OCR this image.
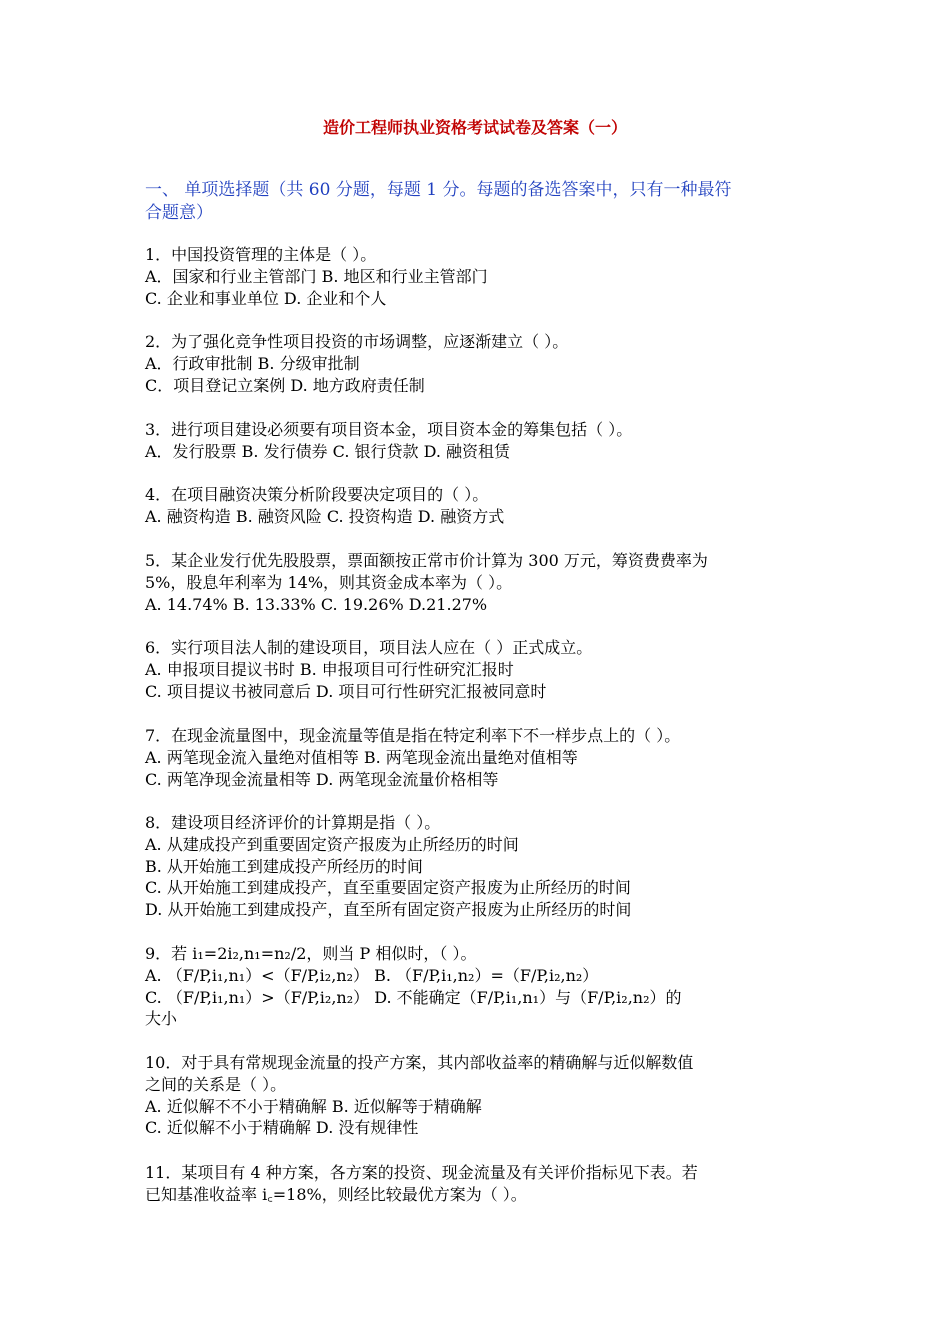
造价工程师执业资格考试试卷及答案（一）
一、 单项选择题（共 60 分题，每题 1 分。每题的备选答案中，只有一种最符
合题意）
1．中国投资管理的主体是（ ）。
A．国家和行业主管部门 B. 地区和行业主管部门
C. 企业和事业单位 D. 企业和个人
2．为了强化竞争性项目投资的市场调整，应逐渐建立（ ）。
A．行政审批制 B. 分级审批制
C．项目登记立案例 D. 地方政府责任制
3．进行项目建设必须要有项目资本金，项目资本金的筹集包括（ ）。
A．发行股票 B. 发行债券 C. 银行贷款 D. 融资租赁
4．在项目融资决策分析阶段要决定项目的（ ）。
A. 融资构造 B. 融资风险 C. 投资构造 D. 融资方式
5．某企业发行优先股股票，票面额按正常市价计算为 300 万元，筹资费费率为
5%，股息年利率为 14%，则其资金成本率为（ ）。
A. 14.74% B. 13.33% C. 19.26% D.21.27%
6．实行项目法人制的建设项目，项目法人应在（ ）正式成立。
A. 申报项目提议书时 B. 申报项目可行性研究汇报时
C. 项目提议书被同意后 D. 项目可行性研究汇报被同意时
7．在现金流量图中，现金流量等值是指在特定利率下不一样步点上的（ ）。
A. 两笔现金流入量绝对值相等 B. 两笔现金流出量绝对值相等
C. 两笔净现金流量相等 D. 两笔现金流量价格相等
8．建设项目经济评价的计算期是指（ ）。
A. 从建成投产到重要固定资产报废为止所经历的时间
B. 从开始施工到建成投产所经历的时间
C. 从开始施工到建成投产，直至重要固定资产报废为止所经历的时间
D. 从开始施工到建成投产，直至所有固定资产报废为止所经历的时间
9．若 i₁=2i₂,n₁=n₂/2，则当 P 相似时，（ ）。
A. （F/P,i₁,n₁）<（F/P,i₂,n₂） B. （F/P,i₁,n₂）=（F/P,i₂,n₂）
C. （F/P,i₁,n₁）>（F/P,i₂,n₂） D. 不能确定（F/P,i₁,n₁）与（F/P,i₂,n₂）的
大小
10．对于具有常规现金流量的投产方案，其内部收益率的精确解与近似解数值
之间的关系是（ ）。
A. 近似解不不小于精确解 B. 近似解等于精确解
C. 近似解不小于精确解 D. 没有规律性
11．某项目有 4 种方案，各方案的投资、现金流量及有关评价指标见下表。若
已知基准收益率 i꜀=18%，则经比较最优方案为（ ）。
